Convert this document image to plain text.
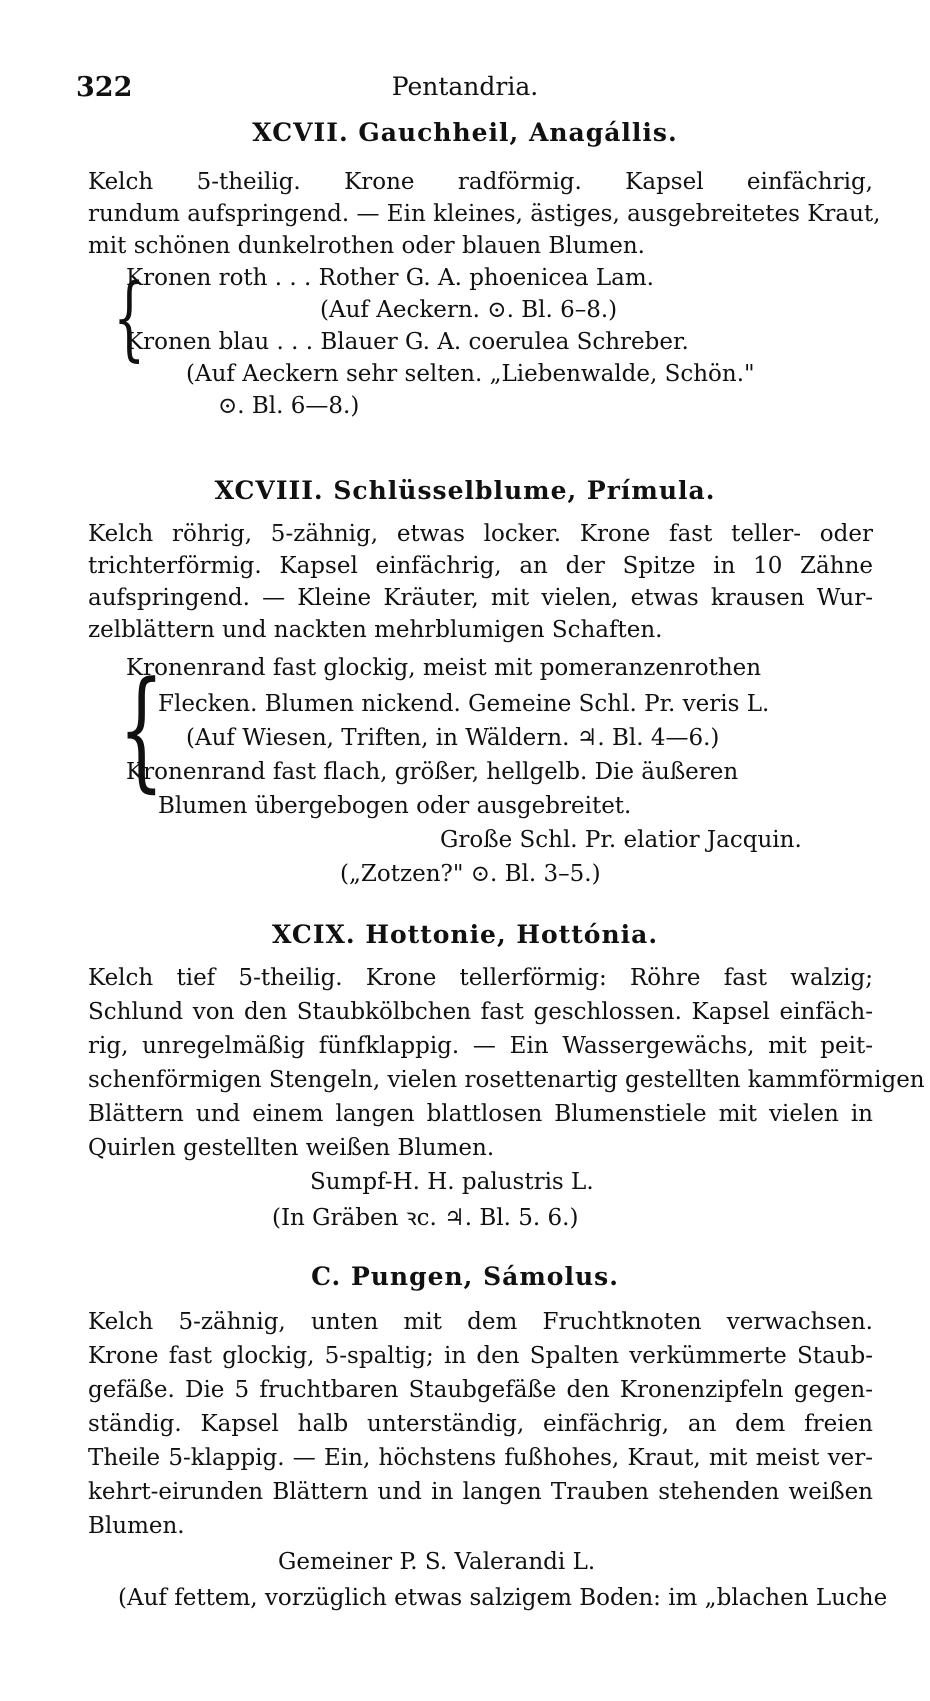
322	Pentandria.
XCVII. Gauchheil, Anagállis.
Kelch 5-theilig. Krone radförmig. Kapsel einfächrig,
rundum aufspringend. — Ein kleines, ästiges, ausgebreitetes Kraut,
mit schönen dunkelrothen oder blauen Blumen.
{
Kronen roth . . . Rother G. A. phoenicea Lam.
(Auf Aeckern. ⊙. Bl. 6–8.)
Kronen blau . . . Blauer G. A. coerulea Schreber.
(Auf Aeckern sehr selten. „Liebenwalde, Schön."
⊙. Bl. 6—8.)
XCVIII. Schlüsselblume, Prímula.
Kelch röhrig, 5-zähnig, etwas locker. Krone fast teller- oder
trichterförmig. Kapsel einfächrig, an der Spitze in 10 Zähne
aufspringend. — Kleine Kräuter, mit vielen, etwas krausen Wur-
zelblättern und nackten mehrblumigen Schaften.
{
Kronenrand fast glockig, meist mit pomeranzenrothen
Flecken. Blumen nickend. Gemeine Schl. Pr. veris L.
(Auf Wiesen, Triften, in Wäldern. ♃. Bl. 4—6.)
Kronenrand fast flach, größer, hellgelb. Die äußeren
Blumen übergebogen oder ausgebreitet.
Große Schl. Pr. elatior Jacquin.
(„Zotzen?" ⊙. Bl. 3–5.)
XCIX. Hottonie, Hottónia.
Kelch tief 5-theilig. Krone tellerförmig: Röhre fast walzig;
Schlund von den Staubkölbchen fast geschlossen. Kapsel einfäch-
rig, unregelmäßig fünfklappig. — Ein Wassergewächs, mit peit-
schenförmigen Stengeln, vielen rosettenartig gestellten kammförmigen
Blättern und einem langen blattlosen Blumenstiele mit vielen in
Quirlen gestellten weißen Blumen.
Sumpf-H. H. palustris L.
(In Gräben ꝛc. ♃. Bl. 5. 6.)
C. Pungen, Sámolus.
Kelch 5-zähnig, unten mit dem Fruchtknoten verwachsen.
Krone fast glockig, 5-spaltig; in den Spalten verkümmerte Staub-
gefäße. Die 5 fruchtbaren Staubgefäße den Kronenzipfeln gegen-
ständig. Kapsel halb unterständig, einfächrig, an dem freien
Theile 5-klappig. — Ein, höchstens fußhohes, Kraut, mit meist ver-
kehrt-eirunden Blättern und in langen Trauben stehenden weißen
Blumen.
Gemeiner P. S. Valerandi L.
(Auf fettem, vorzüglich etwas salzigem Boden: im „blachen Luche
